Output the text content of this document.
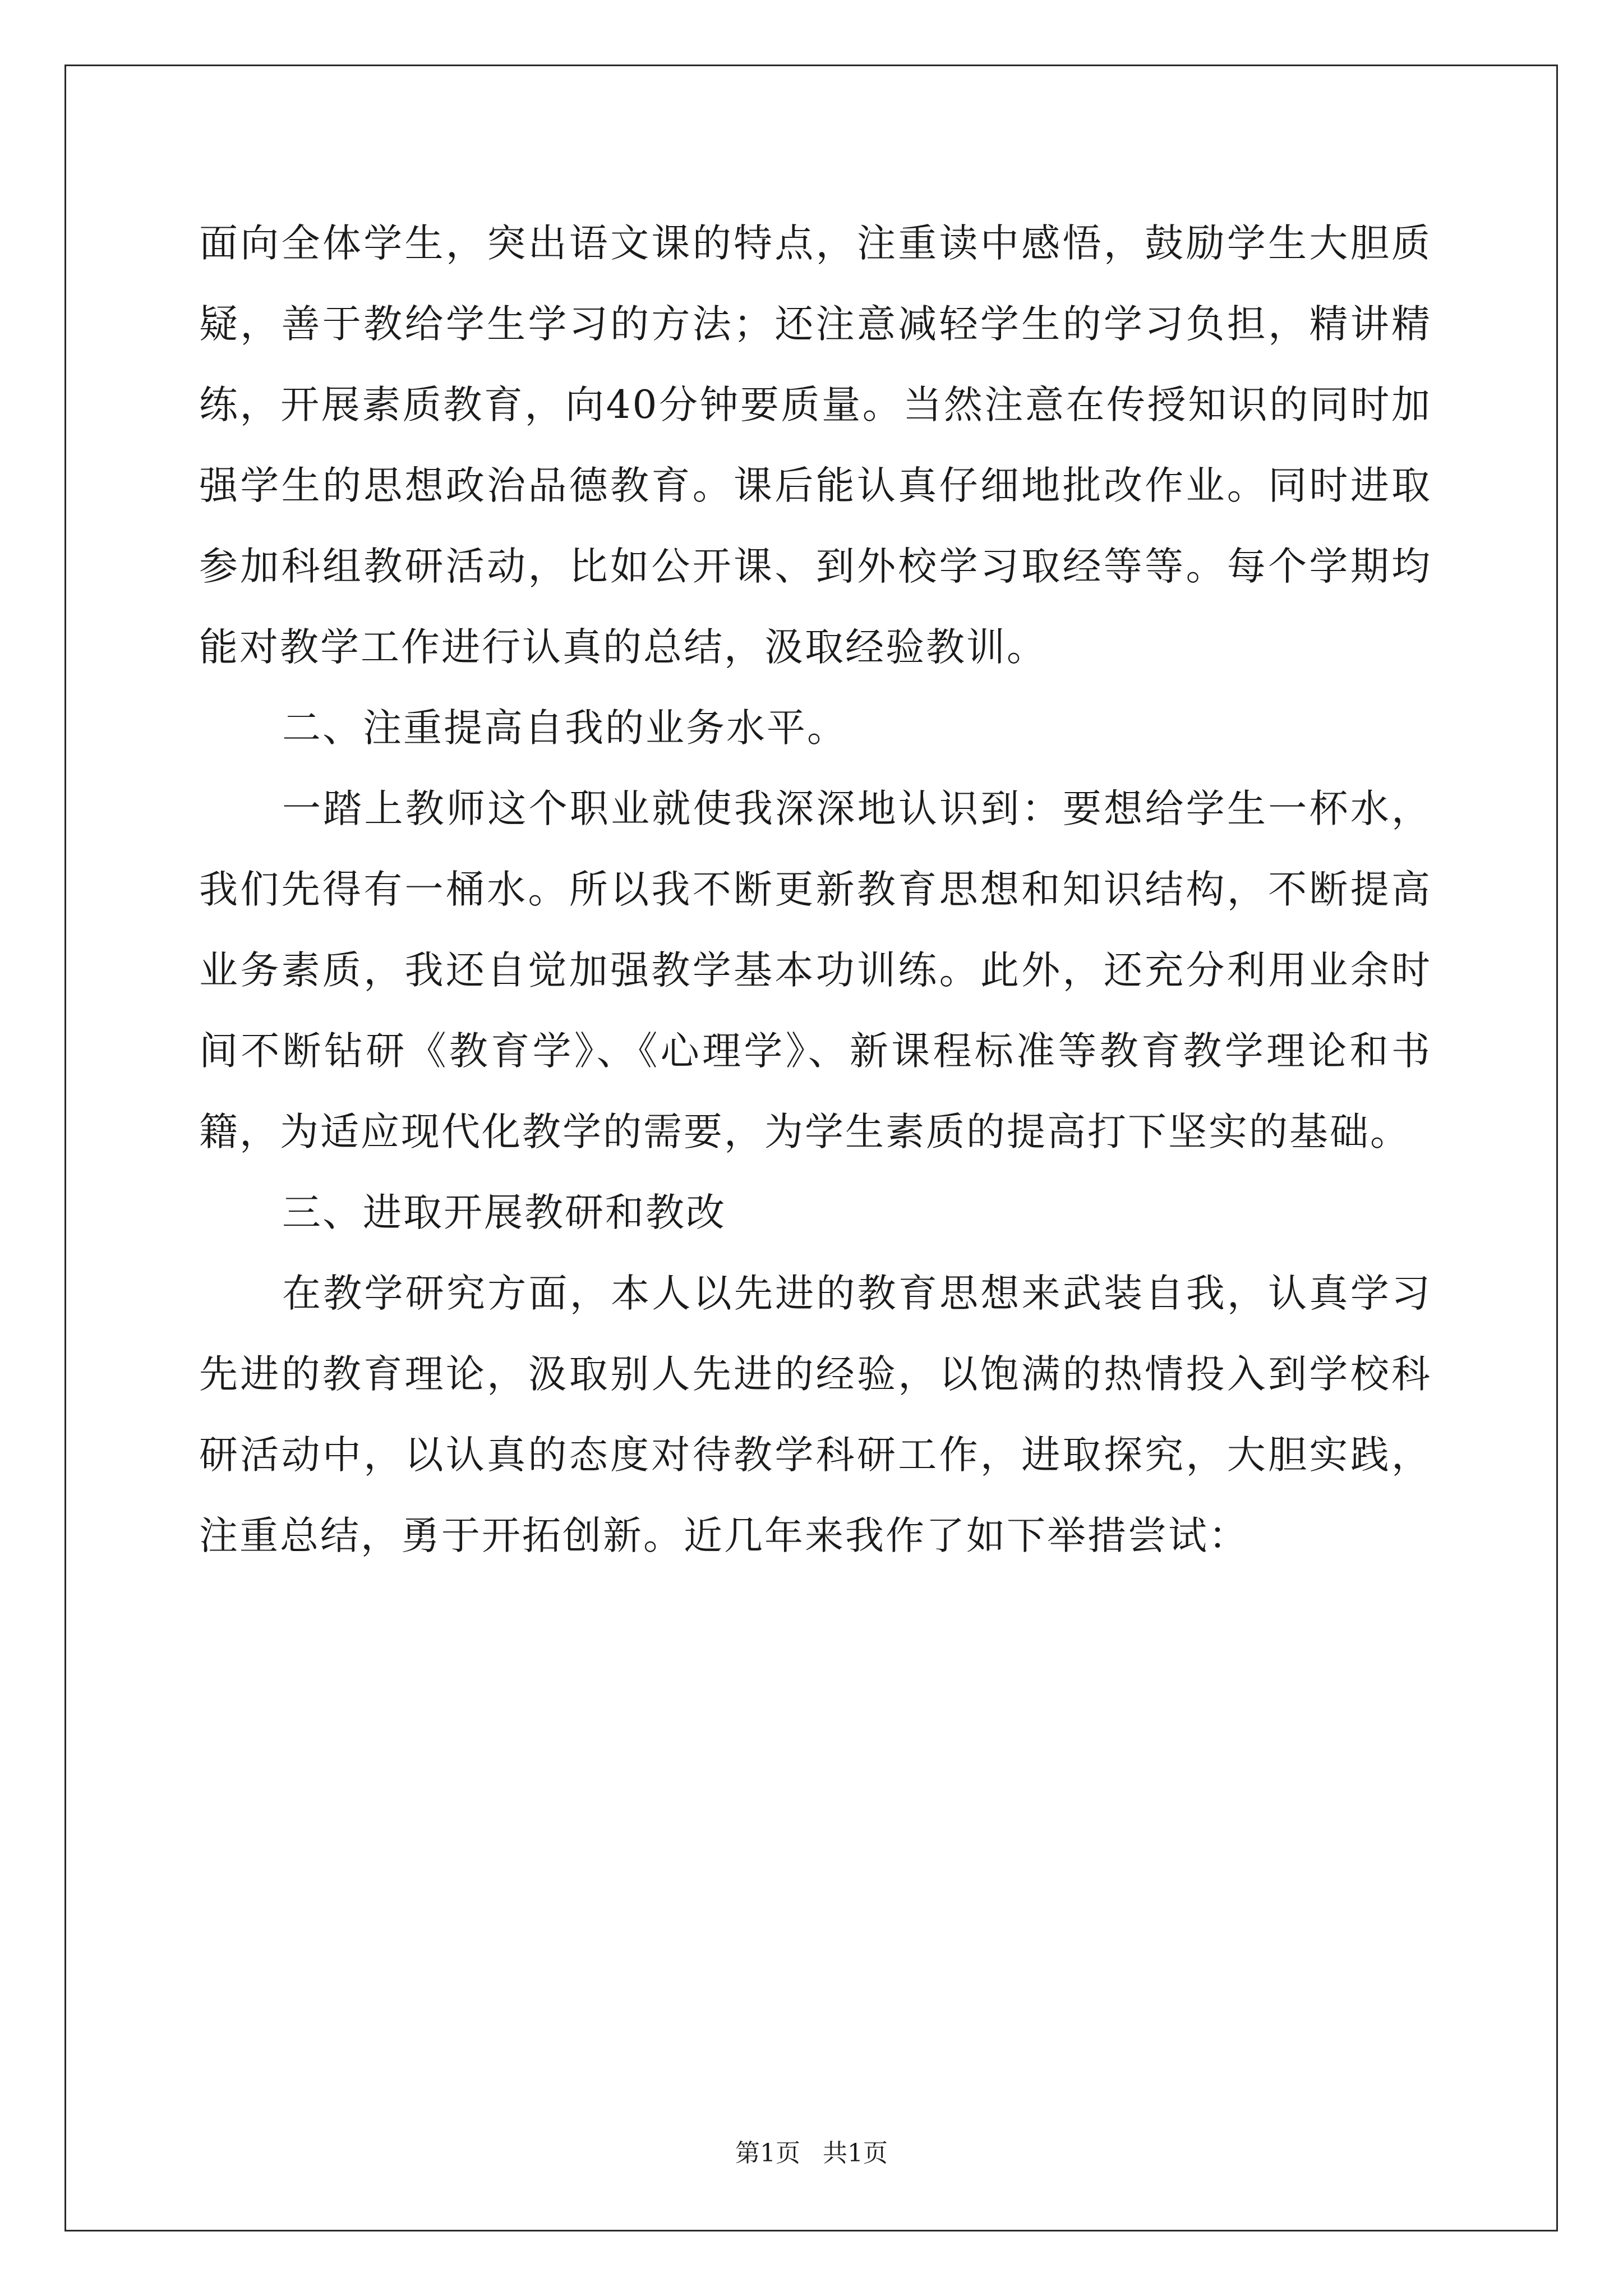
面向全体学生，突出语文课的特点，注重读中感悟，鼓励学生大胆质疑，善于教给学生学习的方法；还注意减轻学生的学习负担，精讲精练，开展素质教育，向40分钟要质量。当然注意在传授知识的同时加强学生的思想政治品德教育。课后能认真仔细地批改作业。同时进取参加科组教研活动，比如公开课、到外校学习取经等等。每个学期均能对教学工作进行认真的总结，汲取经验教训。

二、注重提高自我的业务水平。

一踏上教师这个职业就使我深深地认识到：要想给学生一杯水，我们先得有一桶水。所以我不断更新教育思想和知识结构，不断提高业务素质，我还自觉加强教学基本功训练。此外，还充分利用业余时间不断钻研《教育学》、《心理学》、新课程标准等教育教学理论和书籍，为适应现代化教学的需要，为学生素质的提高打下坚实的基础。

三、进取开展教研和教改

在教学研究方面，本人以先进的教育思想来武装自我，认真学习先进的教育理论，汲取别人先进的经验，以饱满的热情投入到学校科研活动中，以认真的态度对待教学科研工作，进取探究，大胆实践，注重总结，勇于开拓创新。近几年来我作了如下举措尝试：

第1页 共1页
